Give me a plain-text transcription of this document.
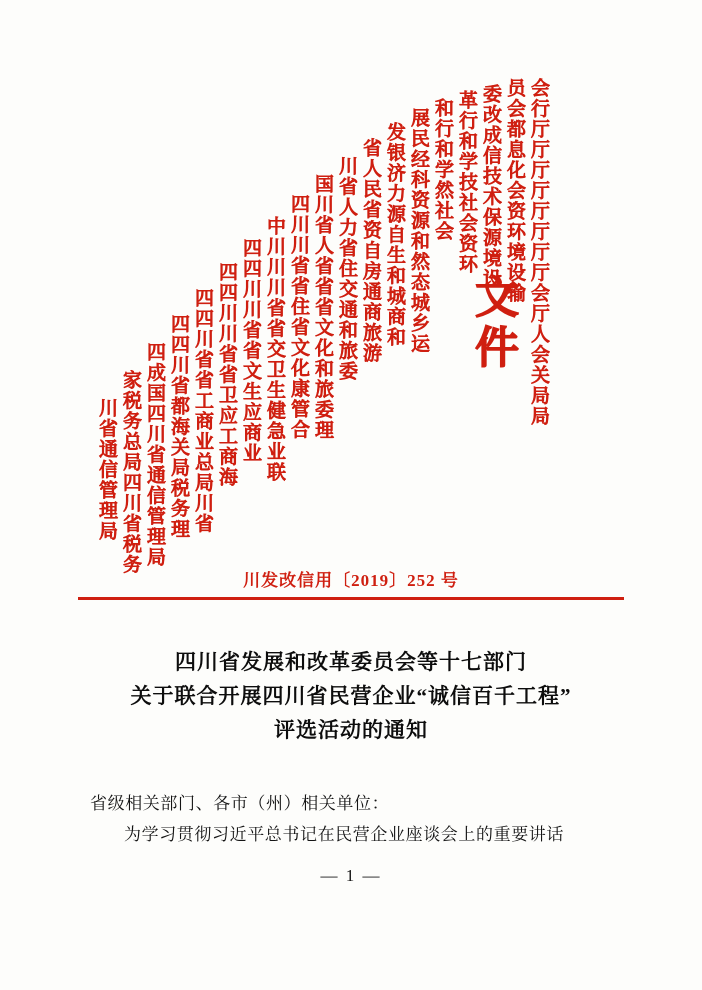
会行厅厅厅厅厅厅厅厅会厅人会关局局
员会都息化会资环境设输
委改成信技术保源境设
革行和学技社会资环
和行和学然社会
展民经科资源和然态城乡运
发银济力源自生和城商和
省人民省资自房通商旅游
川省人力省住交通和旅委
国川省人省省省文化和旅委理
四川川省省住省文化康管合
中川川川省省交卫生健急业联
四四川川省省文生应商业
四四川川省省卫应工商海
四四川省省工商业总局川省
四四川省都海关局税务理
四成国四川省通信管理局
家税务总局四川省税务
川省通信管理局
文件
川发改信用〔2019〕252 号
四川省发展和改革委员会等十七部门
关于联合开展四川省民营企业“诚信百千工程”
评选活动的通知
省级相关部门、各市（州）相关单位：
为学习贯彻习近平总书记在民营企业座谈会上的重要讲话
— 1 —
